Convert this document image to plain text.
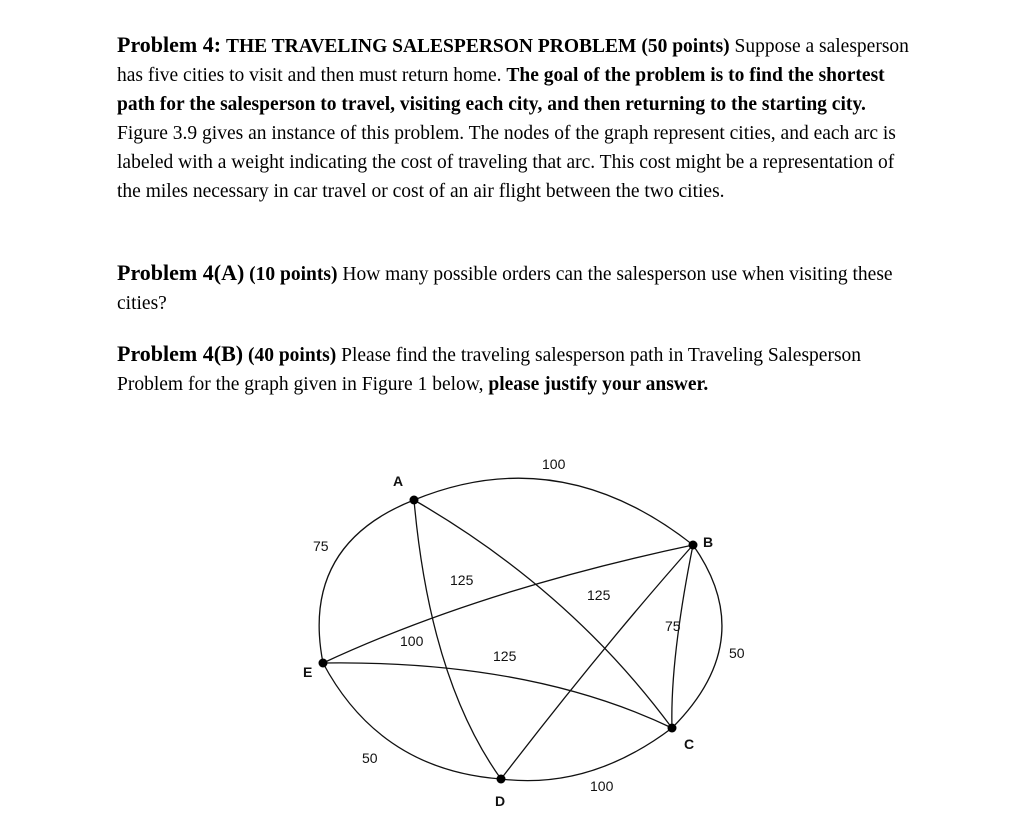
Problem 4: THE TRAVELING SALESPERSON PROBLEM (50 points) Suppose a salesperson has five cities to visit and then must return home. The goal of the problem is to find the shortest path for the salesperson to travel, visiting each city, and then returning to the starting city. Figure 3.9 gives an instance of this problem. The nodes of the graph represent cities, and each arc is labeled with a weight indicating the cost of traveling that arc. This cost might be a representation of the miles necessary in car travel or cost of an air flight between the two cities.
Problem 4(A) (10 points) How many possible orders can the salesperson use when visiting these cities?
Problem 4(B) (40 points) Please find the traveling salesperson path in Traveling Salesperson Problem for the graph given in Figure 1 below, please justify your answer.
A
B
C
D
E
100
75
125
125
100
125
75
50
100
50
